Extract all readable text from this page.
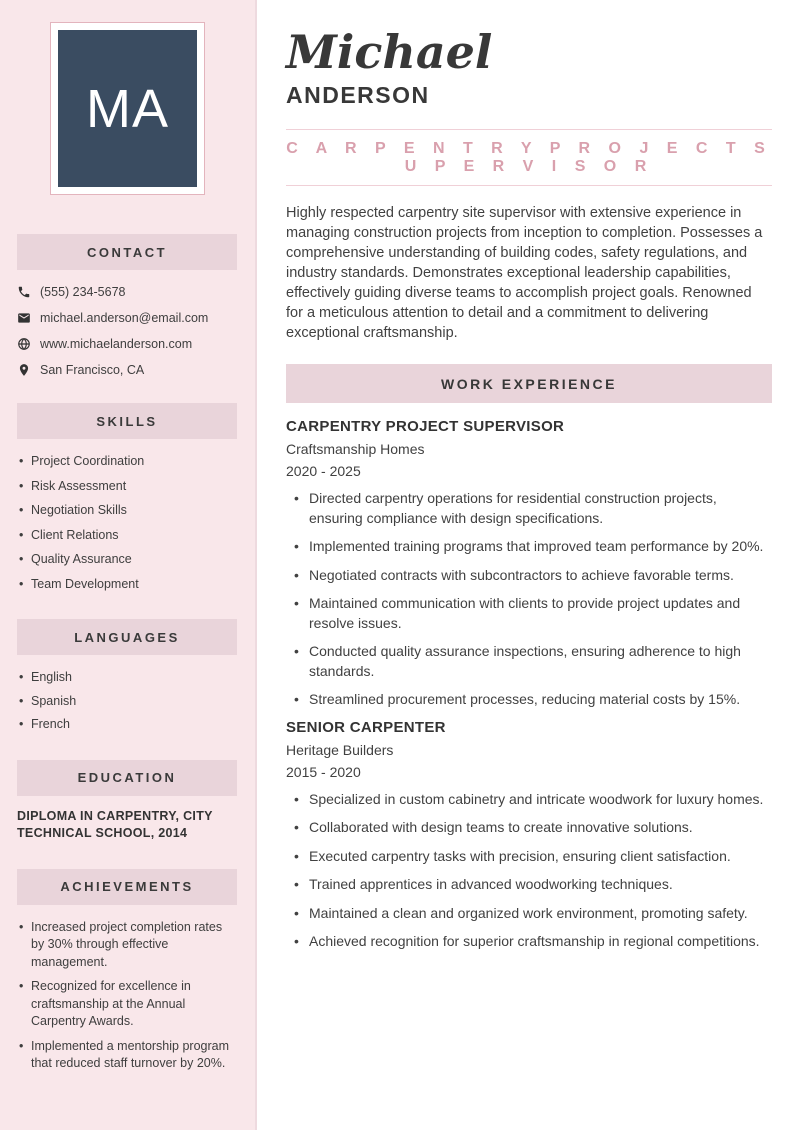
MA
CONTACT
(555) 234-5678
michael.anderson@email.com
www.michaelanderson.com
San Francisco, CA
SKILLS
• Project Coordination
• Risk Assessment
• Negotiation Skills
• Client Relations
• Quality Assurance
• Team Development
LANGUAGES
• English
• Spanish
• French
EDUCATION
DIPLOMA IN CARPENTRY, CITY TECHNICAL SCHOOL, 2014
ACHIEVEMENTS
• Increased project completion rates by 30% through effective management.
• Recognized for excellence in craftsmanship at the Annual Carpentry Awards.
• Implemented a mentorship program that reduced staff turnover by 20%.
Michael
ANDERSON
C A R P E N T R Y P R O J E C T S U P E R V I S O R

Highly respected carpentry site supervisor with extensive experience in managing construction projects from inception to completion. Possesses a comprehensive understanding of building codes, safety regulations, and industry standards. Demonstrates exceptional leadership capabilities, effectively guiding diverse teams to accomplish project goals. Renowned for a meticulous attention to detail and a commitment to delivering exceptional craftsmanship.

WORK EXPERIENCE
CARPENTRY PROJECT SUPERVISOR
Craftsmanship Homes
2020 - 2025
• Directed carpentry operations for residential construction projects, ensuring compliance with design specifications.
• Implemented training programs that improved team performance by 20%.
• Negotiated contracts with subcontractors to achieve favorable terms.
• Maintained communication with clients to provide project updates and resolve issues.
• Conducted quality assurance inspections, ensuring adherence to high standards.
• Streamlined procurement processes, reducing material costs by 15%.
SENIOR CARPENTER
Heritage Builders
2015 - 2020
• Specialized in custom cabinetry and intricate woodwork for luxury homes.
• Collaborated with design teams to create innovative solutions.
• Executed carpentry tasks with precision, ensuring client satisfaction.
• Trained apprentices in advanced woodworking techniques.
• Maintained a clean and organized work environment, promoting safety.
• Achieved recognition for superior craftsmanship in regional competitions.
